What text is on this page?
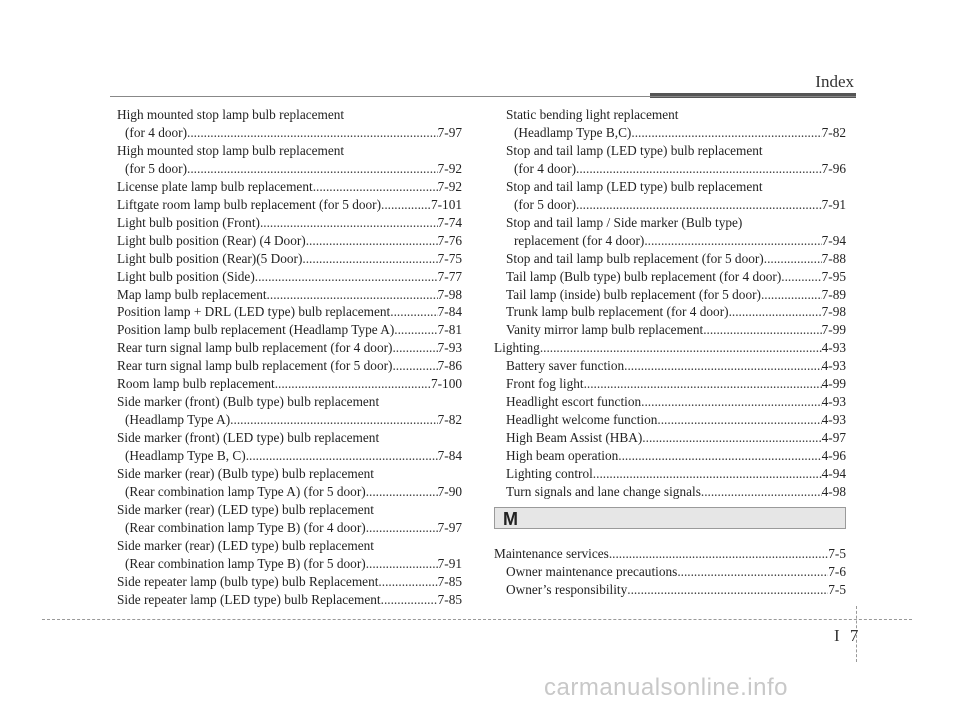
Index
High mounted stop lamp bulb replacement
(for 4 door) .....	7-97
High mounted stop lamp bulb replacement
(for 5 door) .....	7-92
License plate lamp bulb replacement .....	7-92
Liftgate room lamp bulb replacement (for 5 door) .....	7-101
Light bulb position (Front) .....	7-74
Light bulb position (Rear) (4 Door) .....	7-76
Light bulb position (Rear)(5 Door) .....	7-75
Light bulb position (Side) .....	7-77
Map lamp bulb replacement .....	7-98
Position lamp + DRL (LED type) bulb replacement .....	7-84
Position lamp bulb replacement (Headlamp Type A) .....	7-81
Rear turn signal lamp bulb replacement (for 4 door) .....	7-93
Rear turn signal lamp bulb replacement (for 5 door) .....	7-86
Room lamp bulb replacement .....	7-100
Side marker (front) (Bulb type) bulb replacement
(Headlamp Type A) .....	7-82
Side marker (front) (LED type) bulb replacement
(Headlamp Type B, C) .....	7-84
Side marker (rear) (Bulb type) bulb replacement
(Rear combination lamp Type A) (for 5 door) .....	7-90
Side marker (rear) (LED type) bulb replacement
(Rear combination lamp Type B) (for 4 door) .....	7-97
Side marker (rear) (LED type) bulb replacement
(Rear combination lamp Type B) (for 5 door) .....	7-91
Side repeater lamp (bulb type) bulb Replacement .....	7-85
Side repeater lamp (LED type) bulb Replacement .....	7-85
Static bending light replacement
(Headlamp Type B,C) .....	7-82
Stop and tail lamp (LED type) bulb replacement
(for 4 door) .....	7-96
Stop and tail lamp (LED type) bulb replacement
(for 5 door) .....	7-91
Stop and tail lamp / Side marker (Bulb type)
replacement (for 4 door) .....	7-94
Stop and tail lamp bulb replacement (for 5 door) .....	7-88
Tail lamp (Bulb type) bulb replacement (for 4 door) .....	7-95
Tail lamp (inside) bulb replacement (for 5 door) .....	7-89
Trunk lamp bulb replacement (for 4 door) .....	7-98
Vanity mirror lamp bulb replacement .....	7-99
Lighting .....	4-93
Battery saver function .....	4-93
Front fog light .....	4-99
Headlight escort function .....	4-93
Headlight welcome function .....	4-93
High Beam Assist (HBA) .....	4-97
High beam operation .....	4-96
Lighting control .....	4-94
Turn signals and lane change signals .....	4-98
M
Maintenance services .....	7-5
Owner maintenance precautions .....	7-6
Owner’s responsibility .....	7-5
I 7
carmanualsonline.info
